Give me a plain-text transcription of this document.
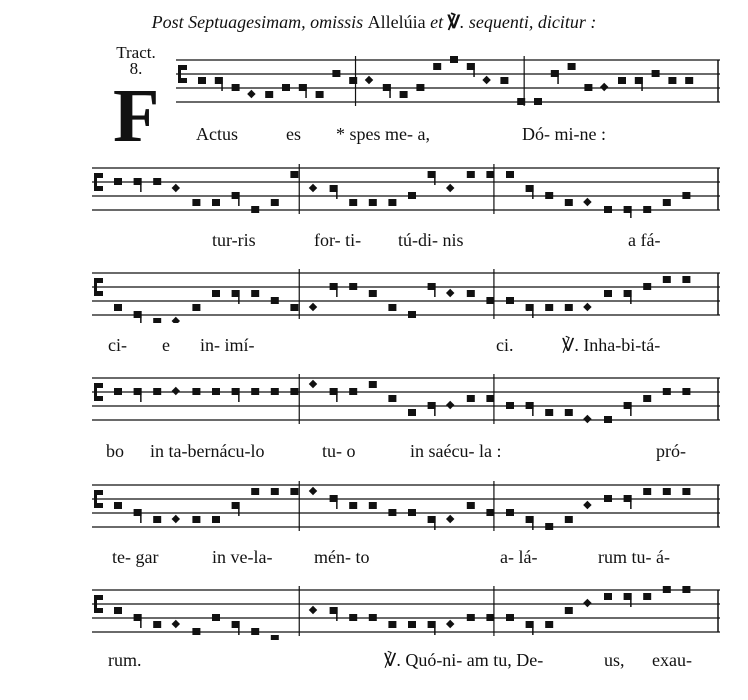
Post Septuagesimam, omissis Allelúia et ℣. sequenti, dicitur :
Tract.
8.
F Actus	es * spes me- a,	Dó- mi-ne :
tur-ris	for- ti- tú-di- nis	a fá-
ci- e in- imí-	ci.	℣. Inha-bi-tá-
bo in ta-bernácu-lo	tu- o	in saécu- la :	pró-
te- gar	in ve-la- mén- to	a- lá-	rum tu- á-
rum.	℣. Quó-ni- am tu, De-	us, exau-
